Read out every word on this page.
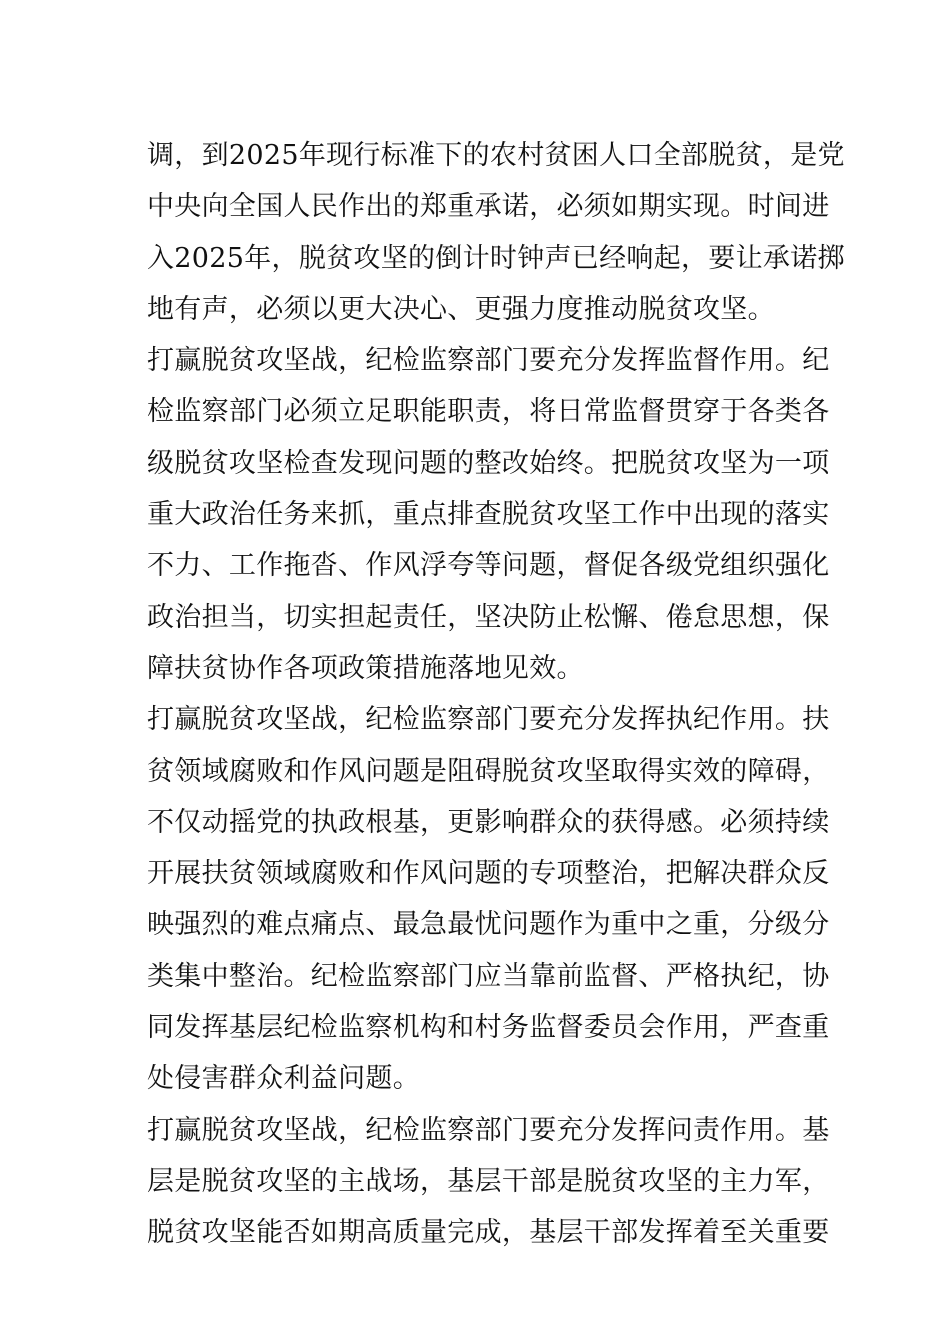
调，到2025年现行标准下的农村贫困人口全部脱贫，是党
中央向全国人民作出的郑重承诺，必须如期实现。时间进
入2025年，脱贫攻坚的倒计时钟声已经响起，要让承诺掷
地有声，必须以更大决心、更强力度推动脱贫攻坚。
打赢脱贫攻坚战，纪检监察部门要充分发挥监督作用。纪
检监察部门必须立足职能职责，将日常监督贯穿于各类各
级脱贫攻坚检查发现问题的整改始终。把脱贫攻坚为一项
重大政治任务来抓，重点排查脱贫攻坚工作中出现的落实
不力、工作拖沓、作风浮夸等问题，督促各级党组织强化
政治担当，切实担起责任，坚决防止松懈、倦怠思想，保
障扶贫协作各项政策措施落地见效。
打赢脱贫攻坚战，纪检监察部门要充分发挥执纪作用。扶
贫领域腐败和作风问题是阻碍脱贫攻坚取得实效的障碍，
不仅动摇党的执政根基，更影响群众的获得感。必须持续
开展扶贫领域腐败和作风问题的专项整治，把解决群众反
映强烈的难点痛点、最急最忧问题作为重中之重，分级分
类集中整治。纪检监察部门应当靠前监督、严格执纪，协
同发挥基层纪检监察机构和村务监督委员会作用，严查重
处侵害群众利益问题。
打赢脱贫攻坚战，纪检监察部门要充分发挥问责作用。基
层是脱贫攻坚的主战场，基层干部是脱贫攻坚的主力军，
脱贫攻坚能否如期高质量完成，基层干部发挥着至关重要
